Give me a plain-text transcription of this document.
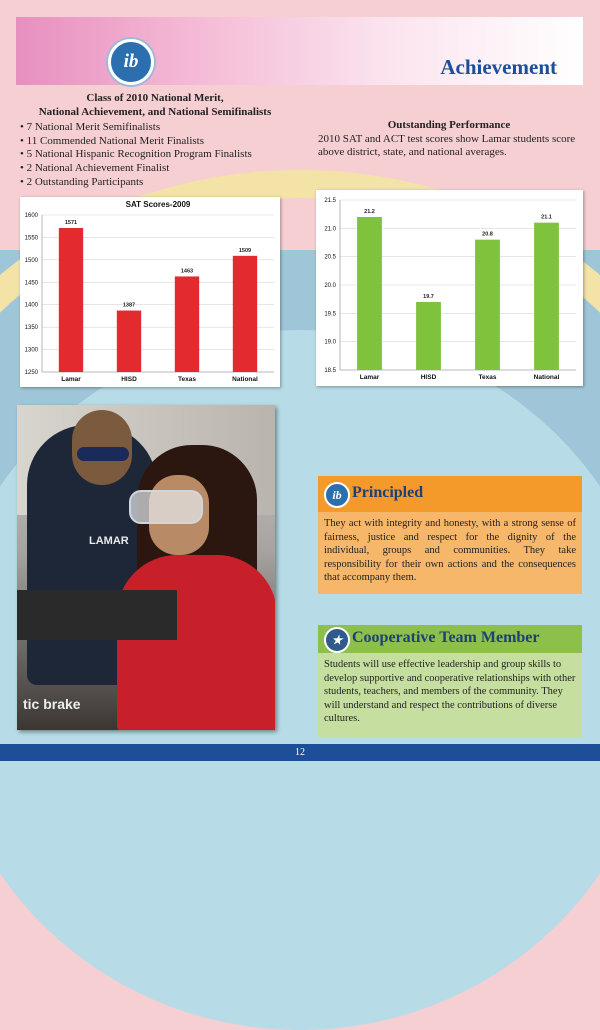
ib	Achievement

Class of 2010 National Merit,

National Achievement, and National Semifinalists

• 7 National Merit Semifinalists
• 11 Commended National Merit Finalists
• 5 National Hispanic Recognition Program Finalists
• 2 National Achievement Finalist
• 2 Outstanding Participants
Outstanding Performance
2010 SAT and ACT test scores show Lamar students score above district, state, and national averages.
SAT Scores-2009
1250
1300
1350
1400
1450
1500
1550
1600
1571
Lamar
1387
HISD
1463
Texas
1509
National
18.5
19.0
19.5
20.0
20.5
21.0
21.5
21.2
Lamar
19.7
HISD
20.8
Texas
21.1
National
LAMAR
tic brake
ib Principled
They act with integrity and honesty, with a strong sense of fairness, justice and respect for the dignity of the individual, groups and communities. They take responsibility for their own actions and the consequences that accompany them.
★ Cooperative Team Member
Students will use effective leadership and group skills to develop supportive and cooperative relationships with other students, teachers, and members of the community. They will understand and respect the contributions of diverse cultures.
12
